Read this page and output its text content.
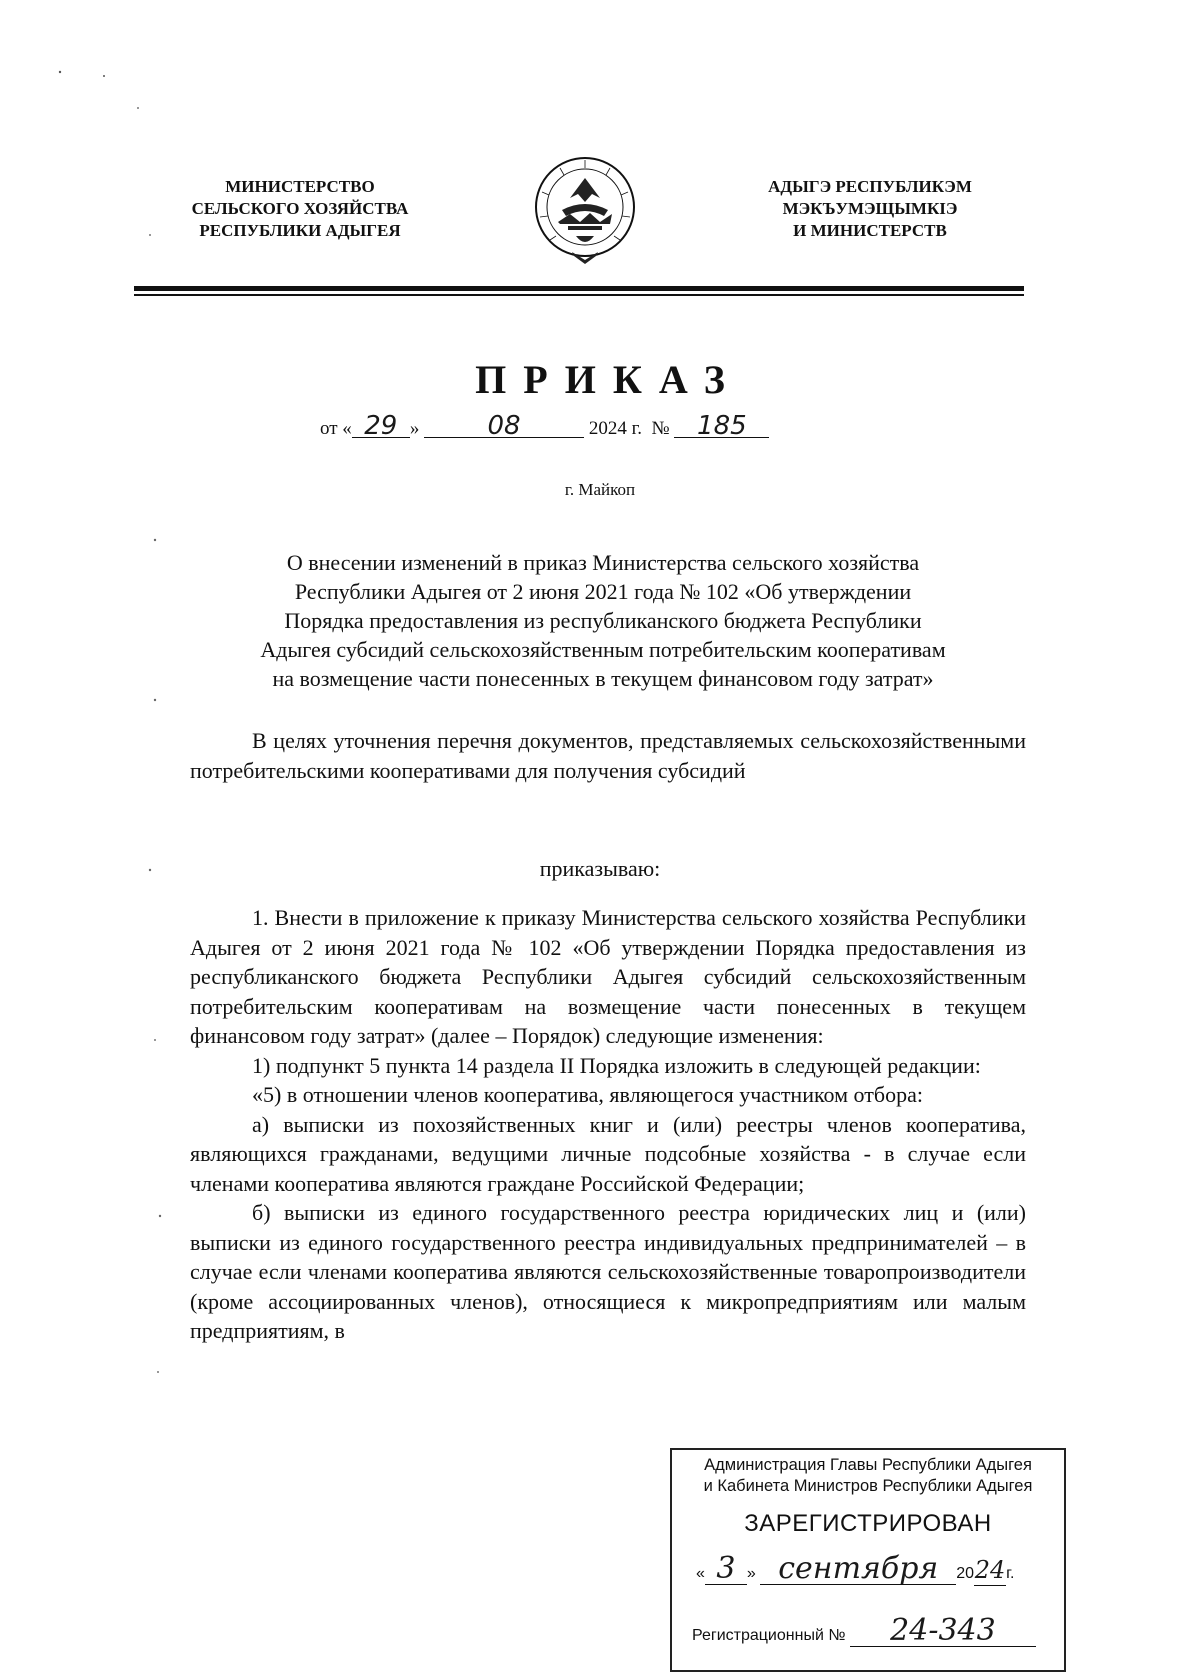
МИНИСТЕРСТВО
СЕЛЬСКОГО ХОЗЯЙСТВА
РЕСПУБЛИКИ АДЫГЕЯ
АДЫГЭ РЕСПУБЛИКЭМ
МЭКЪУМЭЩЫМКIЭ
И МИНИСТЕРСТВ
ПРИКАЗ
от « 29 »	08	2024 г. № 185
г. Майкоп
О внесении изменений в приказ Министерства сельского хозяйства
Республики Адыгея от 2 июня 2021 года № 102 «Об утверждении
Порядка предоставления из республиканского бюджета Республики
Адыгея субсидий сельскохозяйственным потребительским кооперативам
на возмещение части понесенных в текущем финансовом году затрат»

В целях уточнения перечня документов, представляемых сельскохозяйственными потребительскими кооперативами для получения субсидий

приказываю:

1. Внести в приложение к приказу Министерства сельского хозяйства Республики Адыгея от 2 июня 2021 года № 102 «Об утверждении Порядка предоставления из республиканского бюджета Республики Адыгея субсидий сельскохозяйственным потребительским кооперативам на возмещение части понесенных в текущем финансовом году затрат» (далее – Порядок) следующие изменения:

1) подпункт 5 пункта 14 раздела II Порядка изложить в следующей редакции:

«5) в отношении членов кооператива, являющегося участником отбора:

а) выписки из похозяйственных книг и (или) реестры членов кооператива, являющихся гражданами, ведущими личные подсобные хозяйства - в случае если членами кооператива являются граждане Российской Федерации;

б) выписки из единого государственного реестра юридических лиц и (или) выписки из единого государственного реестра индивидуальных предпринимателей – в случае если членами кооператива являются сельскохозяйственные товаропроизводители (кроме ассоциированных членов), относящиеся к микропредприятиям или малым предприятиям, в

Администрация Главы Республики Адыгея
и Кабинета Министров Республики Адыгея
ЗАРЕГИСТРИРОВАН
« 3 » сентября 2024г.
Регистрационный № 24-343
